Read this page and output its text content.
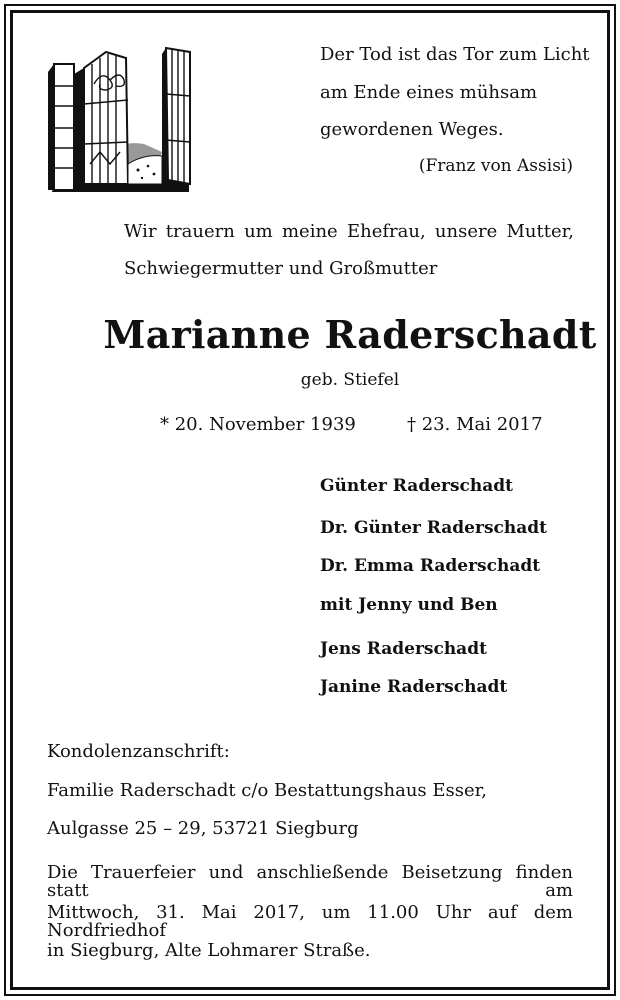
Der Tod ist das Tor zum Licht
am Ende eines mühsam
gewordenen Weges.
(Franz von Assisi)
Wir trauern um meine Ehefrau, unsere Mutter,
Schwiegermutter und Großmutter
Marianne Raderschadt
geb. Stiefel
* 20. November 1939	† 23. Mai 2017
Günter Raderschadt
Dr. Günter Raderschadt
Dr. Emma Raderschadt
mit Jenny und Ben
Jens Raderschadt
Janine Raderschadt
Kondolenzanschrift:
Familie Raderschadt c/o Bestattungshaus Esser,
Aulgasse 25 – 29, 53721 Siegburg
Die Trauerfeier und anschließende Beisetzung finden statt am
Mittwoch, 31. Mai 2017, um 11.00 Uhr auf dem Nordfriedhof
in Siegburg, Alte Lohmarer Straße.
